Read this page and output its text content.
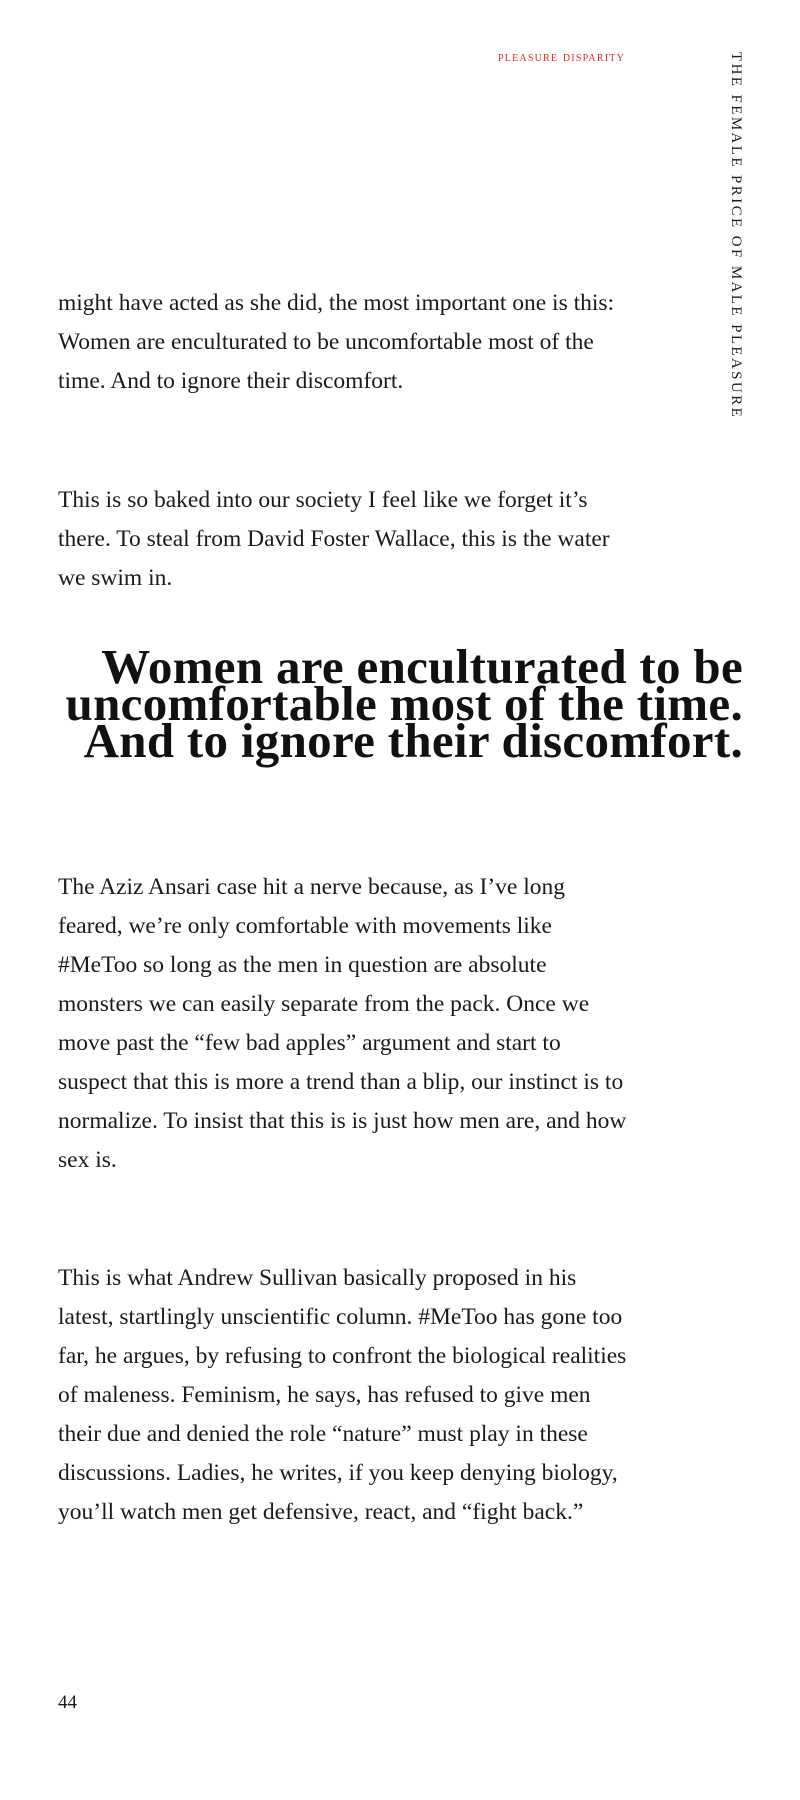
pleasure disparity	THE FEMALE PRICE OF MALE PLEASURE

might have acted as she did, the most important one is this: Women are enculturated to be uncomfortable most of the time. And to ignore their discomfort.

This is so baked into our society I feel like we forget it’s there. To steal from David Foster Wallace, this is the water we swim in.

Women are enculturated to be uncomfortable most of the time. And to ignore their discomfort.

The Aziz Ansari case hit a nerve because, as I’ve long feared, we’re only comfortable with movements like #MeToo so long as the men in question are absolute monsters we can easily separate from the pack. Once we move past the “few bad apples” argument and start to suspect that this is more a trend than a blip, our instinct is to normalize. To insist that this is is just how men are, and how sex is.

This is what Andrew Sullivan basically proposed in his latest, startlingly unscientific column. #MeToo has gone too far, he argues, by refusing to confront the biological realities of maleness. Feminism, he says, has refused to give men their due and denied the role “nature” must play in these discussions. Ladies, he writes, if you keep denying biology, you’ll watch men get defensive, react, and “fight back.”

44
